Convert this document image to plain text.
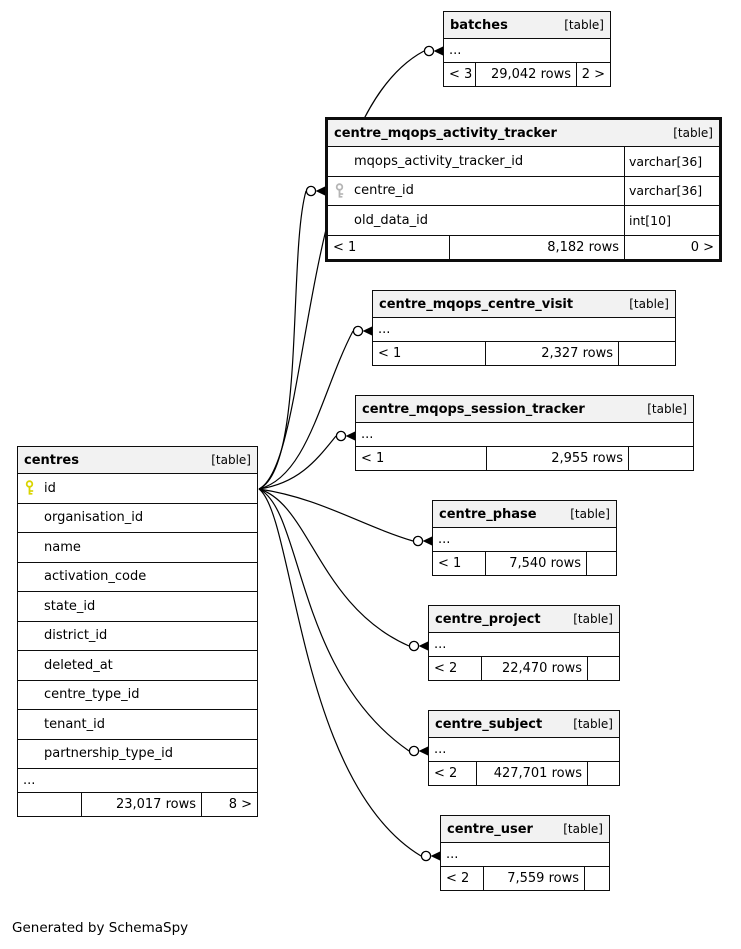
batches	[table]
...
< 3	29,042 rows 2 >
centre_mqops_activity_tracker	[table]
mqops_activity_tracker_id	varchar[36]
centre_id	varchar[36]
old_data_id	int[10]
< 1	8,182 rows	0 >
centre_mqops_centre_visit	[table]
...
< 1	2,327 rows
centre_mqops_session_tracker	[table]
...
< 1	2,955 rows
centres	[table]
id
organisation_id
name
activation_code
state_id
district_id
deleted_at
centre_type_id
tenant_id
partnership_type_id
...
23,017 rows	8 >
centre_phase	[table]
...
< 1	7,540 rows
centre_project	[table]
...
< 2	22,470 rows
centre_subject	[table]
...
< 2	427,701 rows
centre_user	[table]
...
< 2	7,559 rows
Generated by SchemaSpy
